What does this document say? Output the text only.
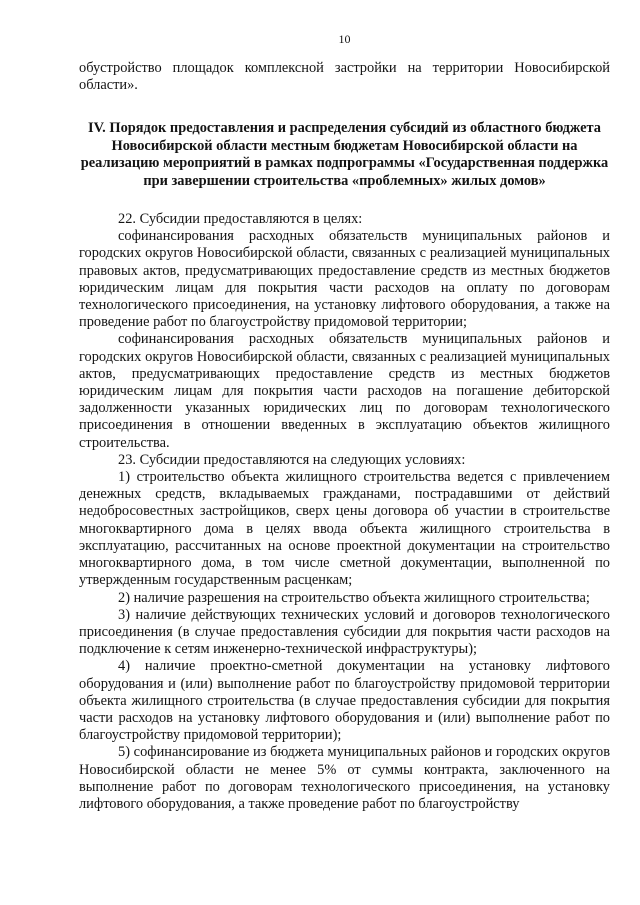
10

обустройство площадок комплексной застройки на территории Новосибирской области».

IV. Порядок предоставления и распределения субсидий из областного бюджета Новосибирской области местным бюджетам Новосибирской области на реализацию мероприятий в рамках подпрограммы «Государственная поддержка при завершении строительства «проблемных» жилых домов»

22. Субсидии предоставляются в целях:

софинансирования расходных обязательств муниципальных районов и городских округов Новосибирской области, связанных с реализацией муниципальных правовых актов, предусматривающих предоставление средств из местных бюджетов юридическим лицам для покрытия части расходов на оплату по договорам технологического присоединения, на установку лифтового оборудования, а также на проведение работ по благоустройству придомовой территории;

софинансирования расходных обязательств муниципальных районов и городских округов Новосибирской области, связанных с реализацией муниципальных актов, предусматривающих предоставление средств из местных бюджетов юридическим лицам для покрытия части расходов на погашение дебиторской задолженности указанных юридических лиц по договорам технологического присоединения в отношении введенных в эксплуатацию объектов жилищного строительства.

23. Субсидии предоставляются на следующих условиях:

1) строительство объекта жилищного строительства ведется с привлечением денежных средств, вкладываемых гражданами, пострадавшими от действий недобросовестных застройщиков, сверх цены договора об участии в строительстве многоквартирного дома в целях ввода объекта жилищного строительства в эксплуатацию, рассчитанных на основе проектной документации на строительство многоквартирного дома, в том числе сметной документации, выполненной по утвержденным государственным расценкам;

2) наличие разрешения на строительство объекта жилищного строительства;

3) наличие действующих технических условий и договоров технологического присоединения (в случае предоставления субсидии для покрытия части расходов на подключение к сетям инженерно-технической инфраструктуры);

4) наличие проектно-сметной документации на установку лифтового оборудования и (или) выполнение работ по благоустройству придомовой территории объекта жилищного строительства (в случае предоставления субсидии для покрытия части расходов на установку лифтового оборудования и (или) выполнение работ по благоустройству придомовой территории);

5) софинансирование из бюджета муниципальных районов и городских округов Новосибирской области не менее 5% от суммы контракта, заключенного на выполнение работ по договорам технологического присоединения, на установку лифтового оборудования, а также проведение работ по благоустройству
